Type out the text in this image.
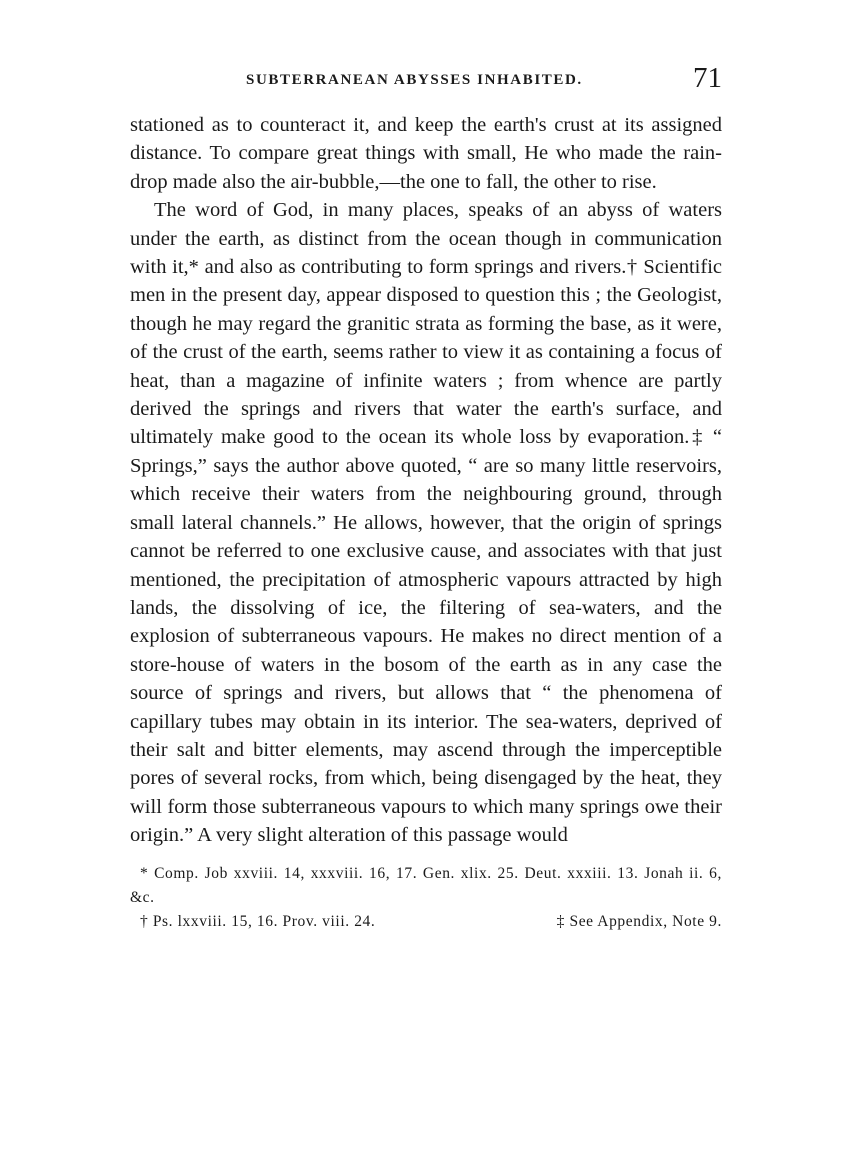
SUBTERRANEAN ABYSSES INHABITED.	71

stationed as to counteract it, and keep the earth's crust at its assigned distance. To compare great things with small, He who made the rain-drop made also the air-bubble,—the one to fall, the other to rise.

The word of God, in many places, speaks of an abyss of waters under the earth, as distinct from the ocean though in communication with it,* and also as contributing to form springs and rivers.† Scientific men in the present day, appear disposed to question this ; the Geologist, though he may regard the granitic strata as forming the base, as it were, of the crust of the earth, seems rather to view it as containing a focus of heat, than a magazine of infinite waters ; from whence are partly derived the springs and rivers that water the earth's surface, and ultimately make good to the ocean its whole loss by evaporation.‡ “ Springs,” says the author above quoted, “ are so many little reservoirs, which receive their waters from the neighbouring ground, through small lateral channels.” He allows, however, that the origin of springs cannot be referred to one exclusive cause, and associates with that just mentioned, the precipitation of atmospheric vapours attracted by high lands, the dissolving of ice, the filtering of sea-waters, and the explosion of subterraneous vapours. He makes no direct mention of a store-house of waters in the bosom of the earth as in any case the source of springs and rivers, but allows that “ the phenomena of capillary tubes may obtain in its interior. The sea-waters, deprived of their salt and bitter elements, may ascend through the imperceptible pores of several rocks, from which, being disengaged by the heat, they will form those subterraneous vapours to which many springs owe their origin.” A very slight alteration of this passage would

* Comp. Job xxviii. 14, xxxviii. 16, 17. Gen. xlix. 25. Deut. xxxiii. 13. Jonah ii. 6, &c.

† Ps. lxxviii. 15, 16. Prov. viii. 24.	‡ See Appendix, Note 9.
